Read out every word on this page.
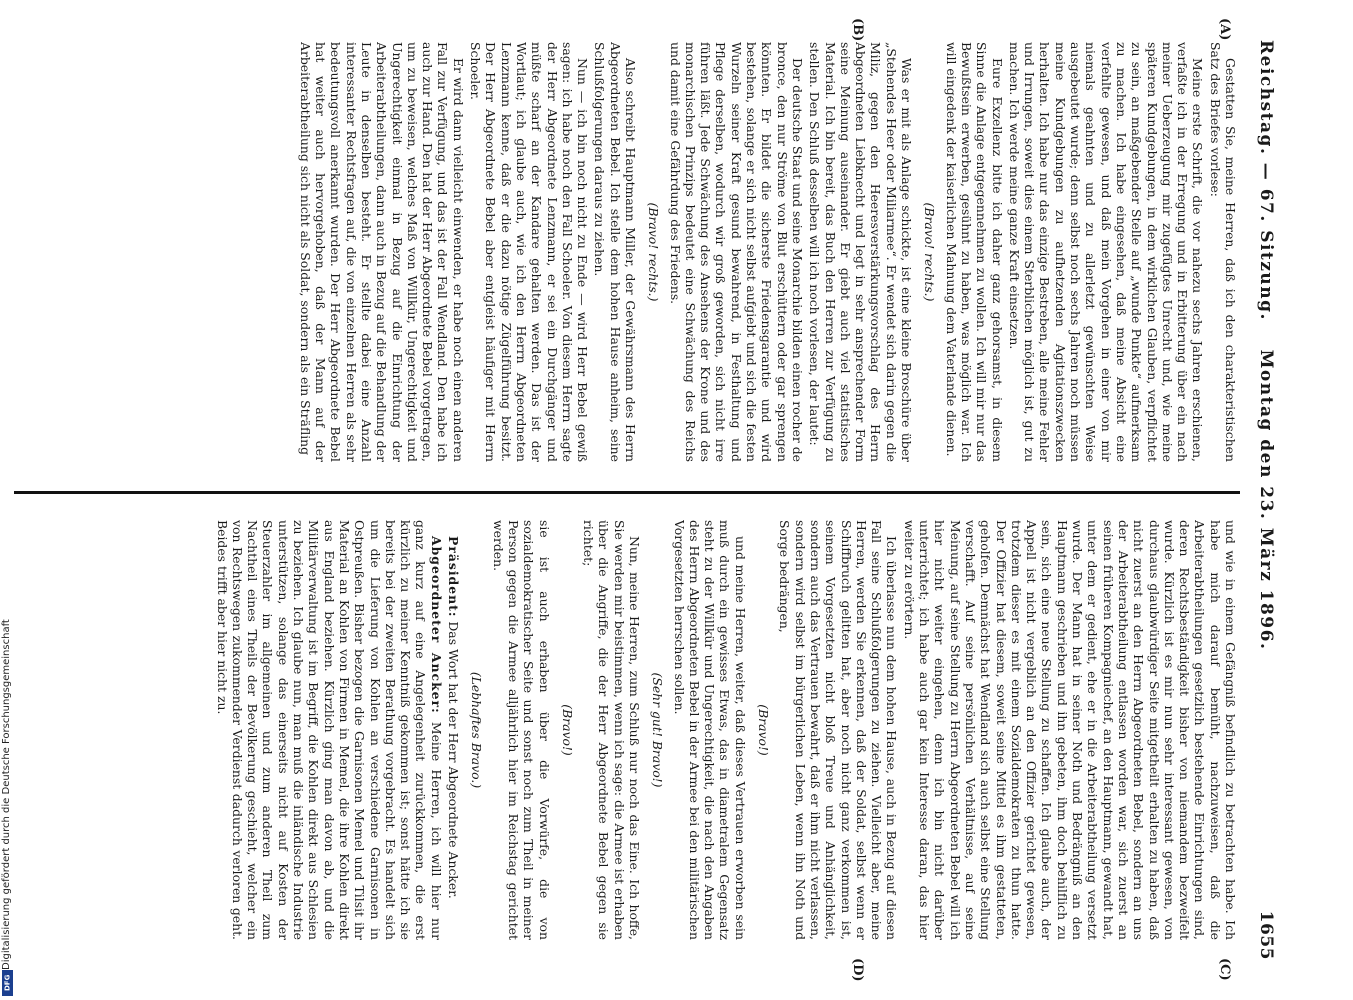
Reichstag. — 67. Sitzung.
Montag den 23. März 1896.
1655
(A)
(B)
(C)
(D)

Gestatten Sie, meine Herren, daß ich den charakteristischen Satz des Briefes vorlese:

Meine erste Schrift, die vor nahezu sechs Jahren erschienen, verfaßte ich in der Erregung und in Erbitterung über ein nach meiner Ueberzeugung mir zugefügtes Unrecht und, wie meine späteren Kundgebungen, in dem wirklichen Glauben, verpflichtet zu sein, an maßgebender Stelle auf „wunde Punkte“ aufmerksam zu machen. Ich habe eingesehen, daß meine Absicht eine verfehlte gewesen, und daß mein Vorgehen in einer von mir niemals geahnten und zu allerletzt gewünschten Weise ausgebeutet wurde; denn selbst noch sechs Jahren noch müssen meine Kundgebungen zu aufhetzenden Agitationszwecken herhalten. Ich habe nur das einzige Bestreben, alle meine Fehler und Irrungen, soweit dies einem Sterblichen möglich ist, gut zu machen. Ich werde meine ganze Kraft einsetzen.

Eure Exzellenz bitte ich daher ganz gehorsamst, in diesem Sinne die Anlage entgegennehmen zu wollen. Ich will mir nur das Bewußtsein erwerben, gesühnt zu haben, was möglich war. Ich will eingedenk der kaiserlichen Mahnung dem Vaterlande dienen.

(Bravo! rechts.)

Was er mit als Anlage schickte, ist eine kleine Broschüre über „Stehendes Heer oder Miliarmee“. Er wendet sich darin gegen die Miliz, gegen den Heeresverstärkungsvorschlag des Herrn Abgeordneten Liebknecht und legt in sehr ansprechender Form seine Meinung auseinander. Er giebt auch viel statistisches Material. Ich bin bereit, das Buch den Herren zur Verfügung zu stellen. Den Schluß desselben will ich noch vorlesen, der lautet:

Der deutsche Staat und seine Monarchie bilden einen rocher de bronce, den nur Ströme von Blut erschüttern oder gar sprengen könnten. Er bildet die sicherste Friedensgarantie und wird bestehen, solange er sich nicht selbst aufgiebt und sich die festen Wurzeln seiner Kraft gesund bewahrend, in Festhaltung und Pflege derselben, wodurch wir groß geworden, sich nicht irre führen läßt. Jede Schwächung des Ansehens der Krone und des monarchischen Prinzips bedeutet eine Schwächung des Reichs und damit eine Gefährdung des Friedens.

(Bravo! rechts.)

Also schreibt Hauptmann Miller, der Gewährsmann des Herrn Abgeordneten Bebel. Ich stelle dem hohen Hause anheim, seine Schlußfolgerungen daraus zu ziehen.

Nun — ich bin noch nicht zu Ende — wird Herr Bebel gewiß sagen: ich habe noch den Fall Schoeler. Von diesem Herrn sagte der Herr Abgeordnete Lenzmann, er sei ein Durchgänger und müßte scharf an der Kandare gehalten werden. Das ist der Wortlaut; ich glaube auch, wie ich den Herrn Abgeordneten Lenzmann kenne, daß er die dazu nötige Zügelführung besitzt. Der Herr Abgeordnete Bebel aber entgleist häufiger mit Herrn Schoeler.

Er wird dann vielleicht einwenden, er habe noch einen anderen Fall zur Verfügung, und das ist der Fall Wendland. Den habe ich auch zur Hand. Den hat der Herr Abgeordnete Bebel vorgetragen, um zu beweisen, welches Maß von Willkür, Ungerechtigkeit und Ungerechtigkeit einmal in Bezug auf die Einrichtung der Arbeiterabtheilungen, dann auch in Bezug auf die Behandlung der Leute in denselben besteht. Er stellte dabei eine Anzahl interessanter Rechtsfragen auf, die von einzelnen Herren als sehr bedeutungsvoll anerkannt wurden. Der Herr Abgeordnete Bebel hat weiter auch hervorgehoben, daß der Mann auf der Arbeiterabtheilung sich nicht als Soldat, sondern als ein Sträfling

und wie in einem Gefängniß befindlich zu betrachten habe. Ich habe mich darauf bemüht, nachzuweisen, daß die Arbeiterabtheilungen gesetzlich bestehende Einrichtungen sind, deren Rechtsbeständigkeit bisher von niemandem bezweifelt wurde. Kürzlich ist es mir nun sehr interessant gewesen, von durchaus glaubwürdiger Seite mitgetheilt erhalten zu haben, daß nicht zuerst an den Herrn Abgeordneten Bebel, sondern an uns der Arbeiterabtheilung entlassen worden war, sich zuerst an seinen früheren Kompagniechef, an den Hauptmann, gewandt hat, unter dem er gedient, ehe er in die Arbeiterabtheilung versetzt wurde. Der Mann hat in seiner Noth und Bedrängniß an den Hauptmann geschrieben und ihn gebeten, ihm doch behilflich zu sein, sich eine neue Stellung zu schaffen. Ich glaube auch, der Appell ist nicht vergeblich an den Offizier gerichtet gewesen, trotzdem dieser es mit einem Sozialdemokraten zu thun hatte. Der Offizier hat diesem, soweit seine Mittel es ihm gestatteten, geholfen. Demnächst hat Wendland sich auch selbst eine Stellung verschafft. Auf seine persönlichen Verhältnisse, auf seine Meinung, auf seine Stellung zu Herrn Abgeordneten Bebel will ich hier nicht weiter eingehen, denn ich bin nicht darüber unterrichtet; ich habe auch gar kein Interesse daran, das hier weiter zu erörtern.

Ich überlasse nun dem hohen Hause, auch in Bezug auf diesen Fall seine Schlußfolgerungen zu ziehen. Vielleicht aber, meine Herren, werden Sie erkennen, daß der Soldat, selbst wenn er Schiffbruch gelitten hat, aber noch nicht ganz verkommen ist, seinem Vorgesetzten nicht bloß Treue und Anhänglichkeit, sondern auch das Vertrauen bewahrt, daß er ihm nicht verlassen, sondern wird selbst im bürgerlichen Leben, wenn ihn Noth und Sorge bedrängen,

(Bravo!)

und meine Herren, weiter, daß dieses Vertrauen erworben sein muß durch ein gewisses Etwas, das in diametralem Gegensatz steht zu der Willkür und Ungerechtigkeit, die nach den Angaben des Herrn Abgeordneten Bebel in der Armee bei den militärischen Vorgesetzten herrschen sollen.

(Sehr gut! Bravo!)

Nun, meine Herren, zum Schluß nur noch das Eine. Ich hoffe, Sie werden mir beistimmen, wenn ich sage: die Armee ist erhaben über die Angriffe, die der Herr Abgeordnete Bebel gegen sie richtet;

(Bravo!)

sie ist auch erhaben über die Vorwürfe, die von sozialdemokratischer Seite und sonst noch zum Theil in meiner Person gegen die Armee alljährlich hier im Reichstag gerichtet werden.

(Lebhaftes Bravo.)

Präsident: Das Wort hat der Herr Abgeordnete Ancker.

Abgeordneter Ancker: Meine Herren, ich will hier nur ganz kurz auf eine Angelegenheit zurückkommen, die erst kürzlich zu meiner Kenntniß gekommen ist; sonst hätte ich sie bereits bei der zweiten Berathung vorgebracht. Es handelt sich um die Lieferung von Kohlen an verschiedene Garnisonen in Ostpreußen. Bisher bezogen die Garnisonen Memel und Tilsit ihr Material an Kohlen von Firmen in Memel, die ihre Kohlen direkt aus England beziehen. Kürzlich ging man davon ab, und die Militärverwaltung ist im Begriff, die Kohlen direkt aus Schlesien zu beziehen. Ich glaube nun, man muß die inländische Industrie unterstützen, solange das einerseits nicht auf Kosten der Steuerzahler im allgemeinen und zum anderen Theil zum Nachtheil eines Theils der Bevölkerung geschieht, welcher ein von Rechtswegen zukommender Verdienst dadurch verloren geht. Beides trifft aber hier nicht zu.

Digitalisierung gefördert durch die Deutsche Forschungsgemeinschaft
DFG
